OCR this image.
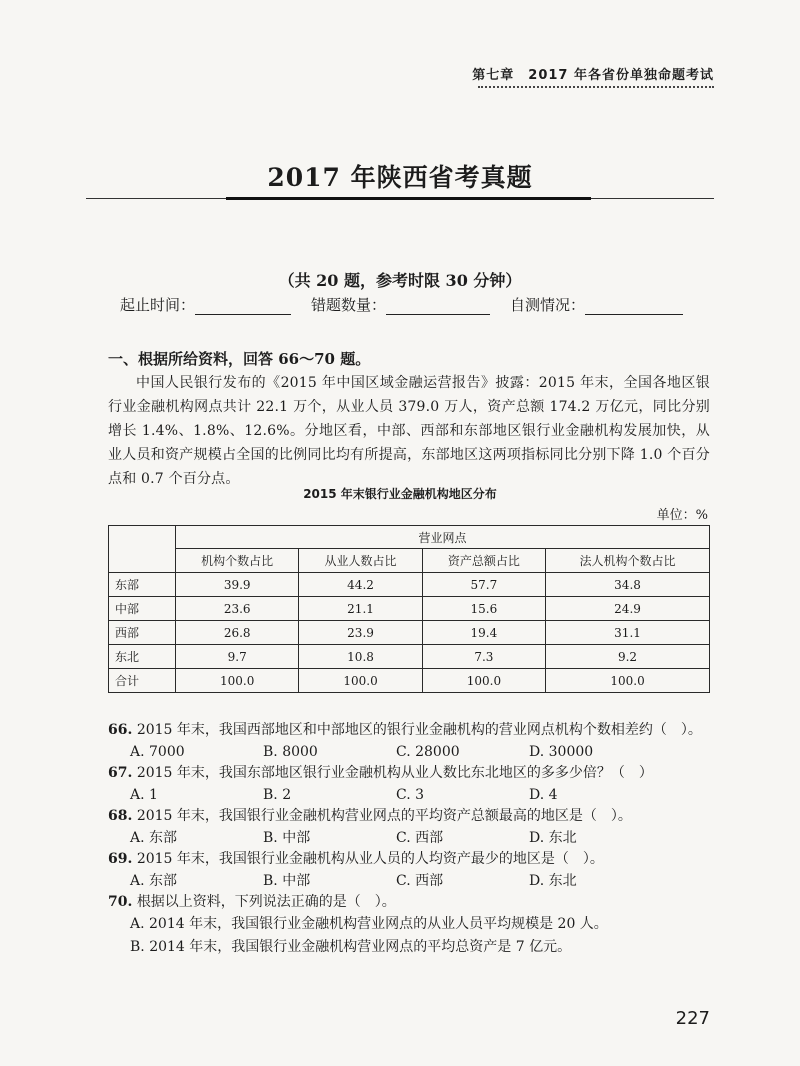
第七章　2017 年各省份单独命题考试
2017 年陕西省考真题
（共 20 题，参考时限 30 分钟）
起止时间：	错题数量：	自测情况：
一、根据所给资料，回答 66～70 题。
中国人民银行发布的《2015 年中国区域金融运营报告》披露：2015 年末，全国各地区银行业金融机构网点共计 22.1 万个，从业人员 379.0 万人，资产总额 174.2 万亿元，同比分别增长 1.4%、1.8%、12.6%。分地区看，中部、西部和东部地区银行业金融机构发展加快，从业人员和资产规模占全国的比例同比均有所提高，东部地区这两项指标同比分别下降 1.0 个百分点和 0.7 个百分点。
2015 年末银行业金融机构地区分布
单位：%
	营业网点			
	机构个数占比	从业人数占比	资产总额占比	法人机构个数占比
东部	39.9	44.2	57.7	34.8
中部	23.6	21.1	15.6	24.9
西部	26.8	23.9	19.4	31.1
东北	9.7	10.8	7.3	9.2
合计	100.0	100.0	100.0	100.0
66. 2015 年末，我国西部地区和中部地区的银行业金融机构的营业网点机构个数相差约（　）。
A. 7000	B. 8000	C. 28000	D. 30000
67. 2015 年末，我国东部地区银行业金融机构从业人数比东北地区的多多少倍？（　）
A. 1	B. 2	C. 3	D. 4
68. 2015 年末，我国银行业金融机构营业网点的平均资产总额最高的地区是（　）。
A. 东部	B. 中部	C. 西部	D. 东北
69. 2015 年末，我国银行业金融机构从业人员的人均资产最少的地区是（　）。
A. 东部	B. 中部	C. 西部	D. 东北
70. 根据以上资料，下列说法正确的是（　）。
A. 2014 年末，我国银行业金融机构营业网点的从业人员平均规模是 20 人。
B. 2014 年末，我国银行业金融机构营业网点的平均总资产是 7 亿元。
227
